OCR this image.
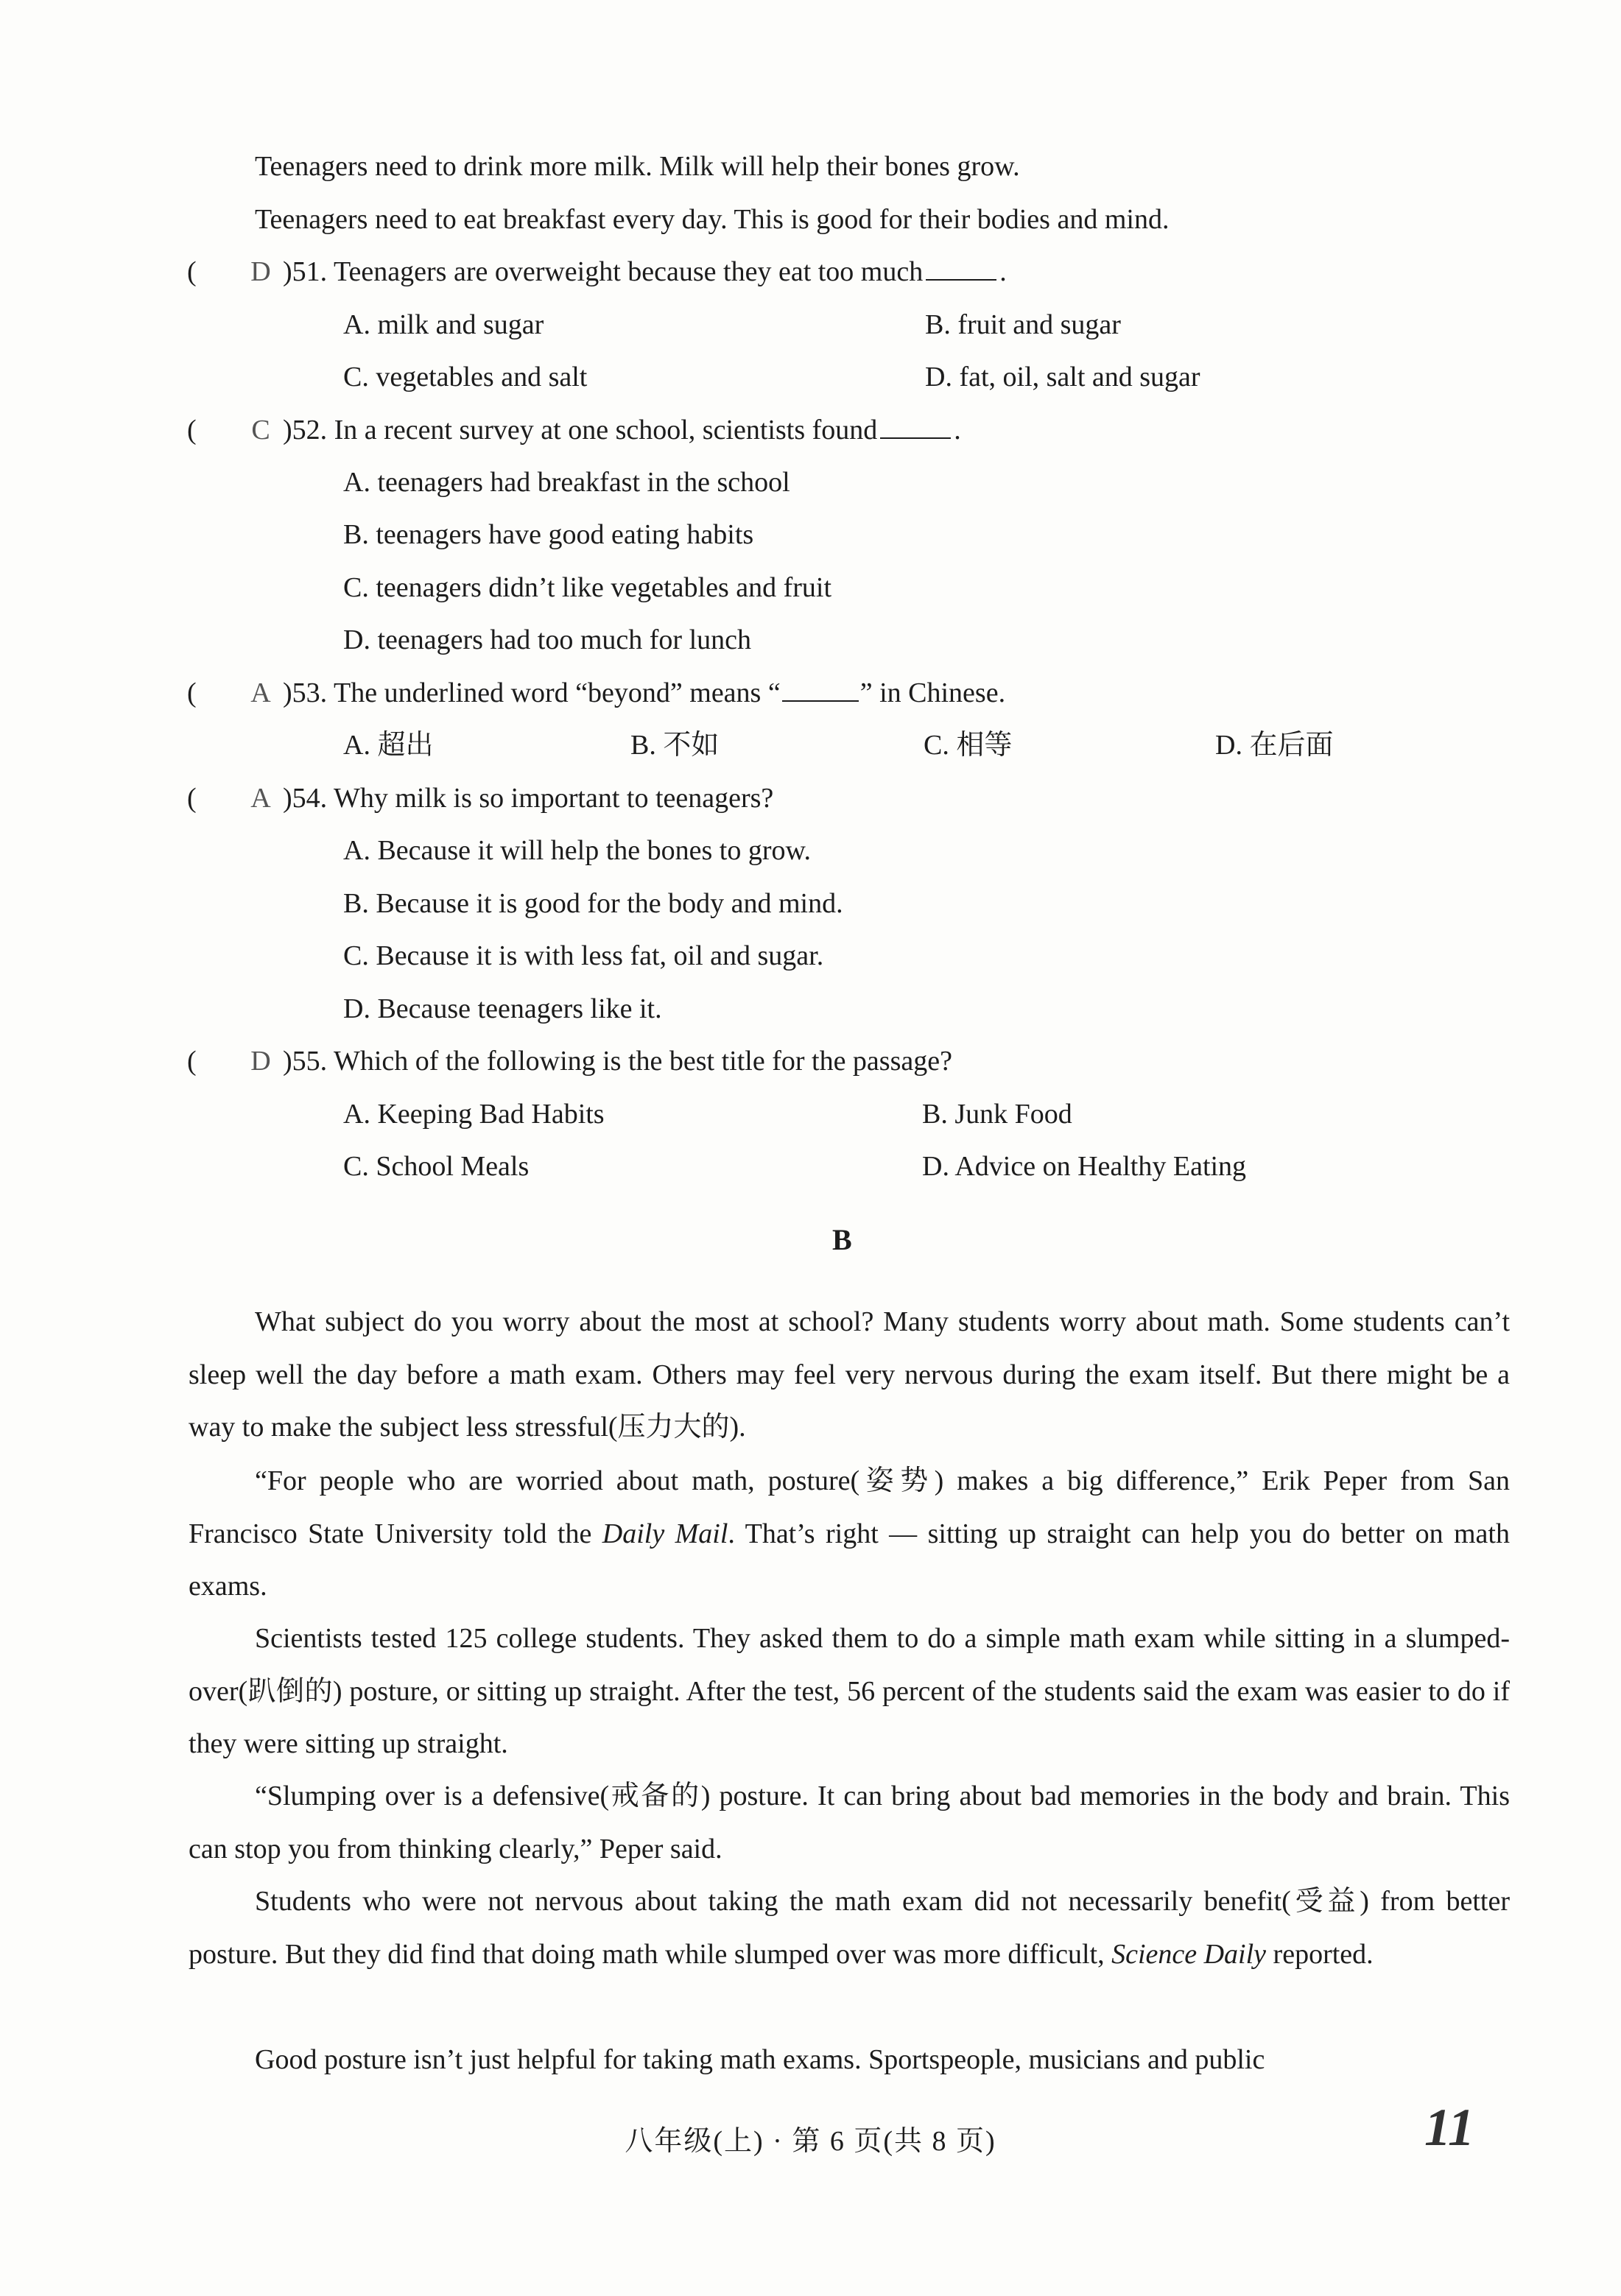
Teenagers need to drink more milk. Milk will help their bones grow.
Teenagers need to eat breakfast every day. This is good for their bodies and mind.
( D )51. Teenagers are overweight because they eat too much	.
A. milk and sugar	B. fruit and sugar
C. vegetables and salt	D. fat, oil, salt and sugar
( C )52. In a recent survey at one school, scientists found	.
A. teenagers had breakfast in the school
B. teenagers have good eating habits
C. teenagers didn’t like vegetables and fruit
D. teenagers had too much for lunch
( A )53. The underlined word “beyond” means “	” in Chinese.
A. 超出	B. 不如	C. 相等	D. 在后面
( A )54. Why milk is so important to teenagers?
A. Because it will help the bones to grow.
B. Because it is good for the body and mind.
C. Because it is with less fat, oil and sugar.
D. Because teenagers like it.
( D )55. Which of the following is the best title for the passage?
A. Keeping Bad Habits	B. Junk Food
C. School Meals	D. Advice on Healthy Eating
B

What subject do you worry about the most at school? Many students worry about math. Some students can’t sleep well the day before a math exam. Others may feel very nervous during the exam itself. But there might be a way to make the subject less stressful(压力大的).

“For people who are worried about math, posture(姿势) makes a big difference,” Erik Peper from San Francisco State University told the Daily Mail. That’s right — sitting up straight can help you do better on math exams.

Scientists tested 125 college students. They asked them to do a simple math exam while sitting in a slumped-over(趴倒的) posture, or sitting up straight. After the test, 56 percent of the students said the exam was easier to do if they were sitting up straight.

“Slumping over is a defensive(戒备的) posture. It can bring about bad memories in the body and brain. This can stop you from thinking clearly,” Peper said.

Students who were not nervous about taking the math exam did not necessarily benefit(受益) from better posture. But they did find that doing math while slumped over was more difficult, Science Daily reported.

Good posture isn’t just helpful for taking math exams. Sportspeople, musicians and public

八年级(上) · 第 6 页(共 8 页)	11
